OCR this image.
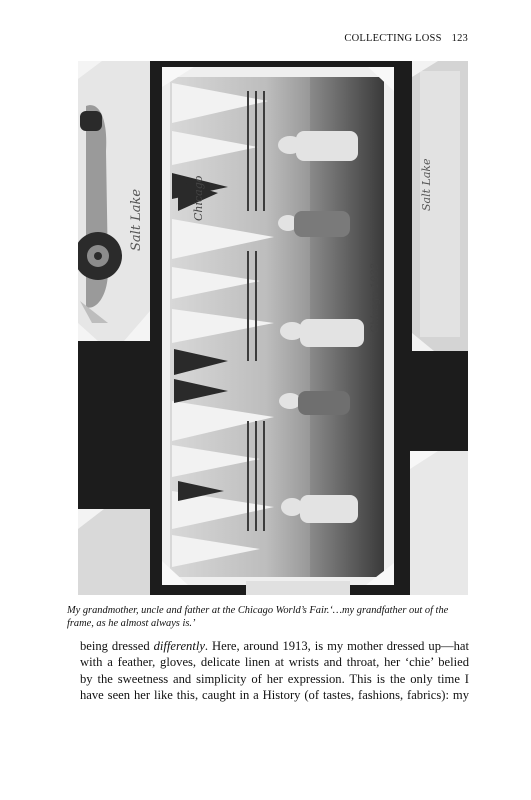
COLLECTING LOSS 123
Salt Lake
Salt Lake
Chicago
Chicago 1933
My grandmother, uncle and father at the Chicago World’s Fair.‘…my grandfather out of the frame, as he almost always is.’

being dressed differently. Here, around 1913, is my mother dressed up—hat

with a feather, gloves, delicate linen at wrists and throat, her ‘chie’ belied

by the sweetness and simplicity of her expression. This is the only time I

have seen her like this, caught in a History (of tastes, fashions, fabrics): my
